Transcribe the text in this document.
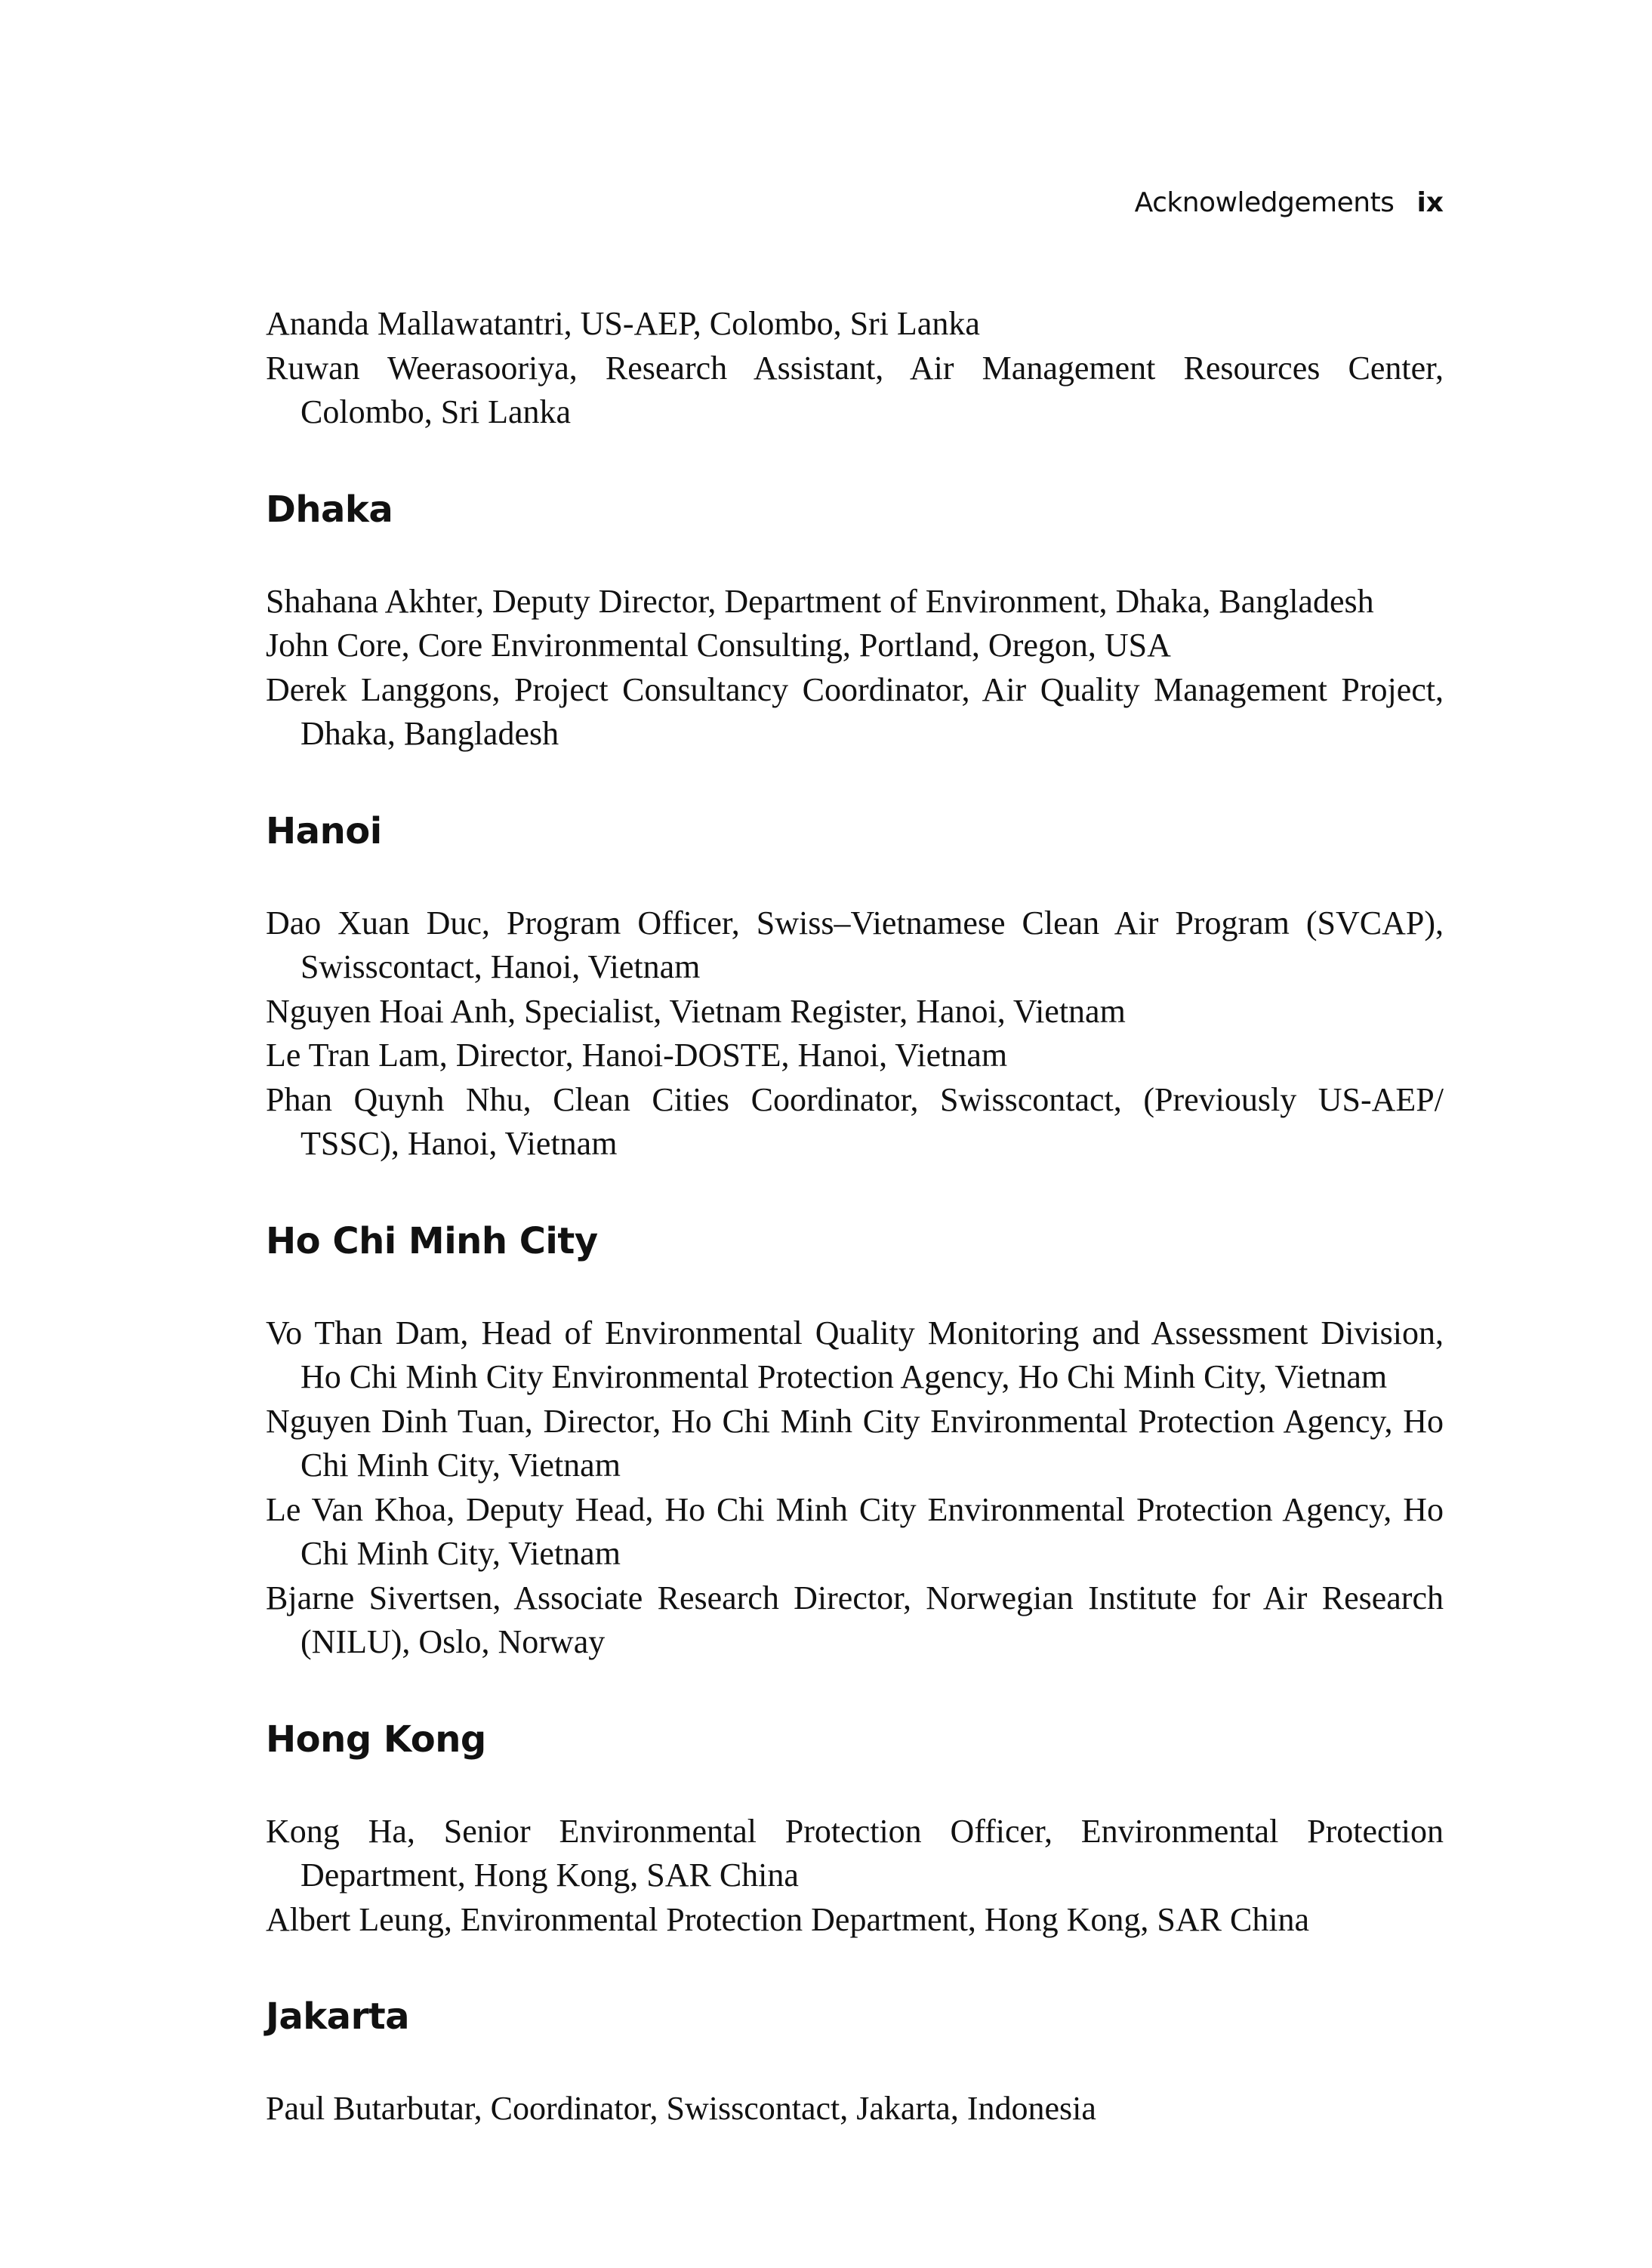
Acknowledgements ix

Ananda Mallawatantri, US-AEP, Colombo, Sri Lanka

Ruwan Weerasooriya, Research Assistant, Air Management Resources Center, Colombo, Sri Lanka

Dhaka

Shahana Akhter, Deputy Director, Department of Environment, Dhaka, Bangladesh

John Core, Core Environmental Consulting, Portland, Oregon, USA

Derek Langgons, Project Consultancy Coordinator, Air Quality Management Project, Dhaka, Bangladesh

Hanoi

Dao Xuan Duc, Program Officer, Swiss–Vietnamese Clean Air Program (SVCAP), Swisscontact, Hanoi, Vietnam

Nguyen Hoai Anh, Specialist, Vietnam Register, Hanoi, Vietnam

Le Tran Lam, Director, Hanoi-DOSTE, Hanoi, Vietnam

Phan Quynh Nhu, Clean Cities Coordinator, Swisscontact, (Previously US-AEP/ TSSC), Hanoi, Vietnam

Ho Chi Minh City

Vo Than Dam, Head of Environmental Quality Monitoring and Assessment Division, Ho Chi Minh City Environmental Protection Agency, Ho Chi Minh City, Vietnam

Nguyen Dinh Tuan, Director, Ho Chi Minh City Environmental Protection Agency, Ho Chi Minh City, Vietnam

Le Van Khoa, Deputy Head, Ho Chi Minh City Environmental Protection Agency, Ho Chi Minh City, Vietnam

Bjarne Sivertsen, Associate Research Director, Norwegian Institute for Air Research (NILU), Oslo, Norway

Hong Kong

Kong Ha, Senior Environmental Protection Officer, Environmental Protection Department, Hong Kong, SAR China

Albert Leung, Environmental Protection Department, Hong Kong, SAR China

Jakarta

Paul Butarbutar, Coordinator, Swisscontact, Jakarta, Indonesia
